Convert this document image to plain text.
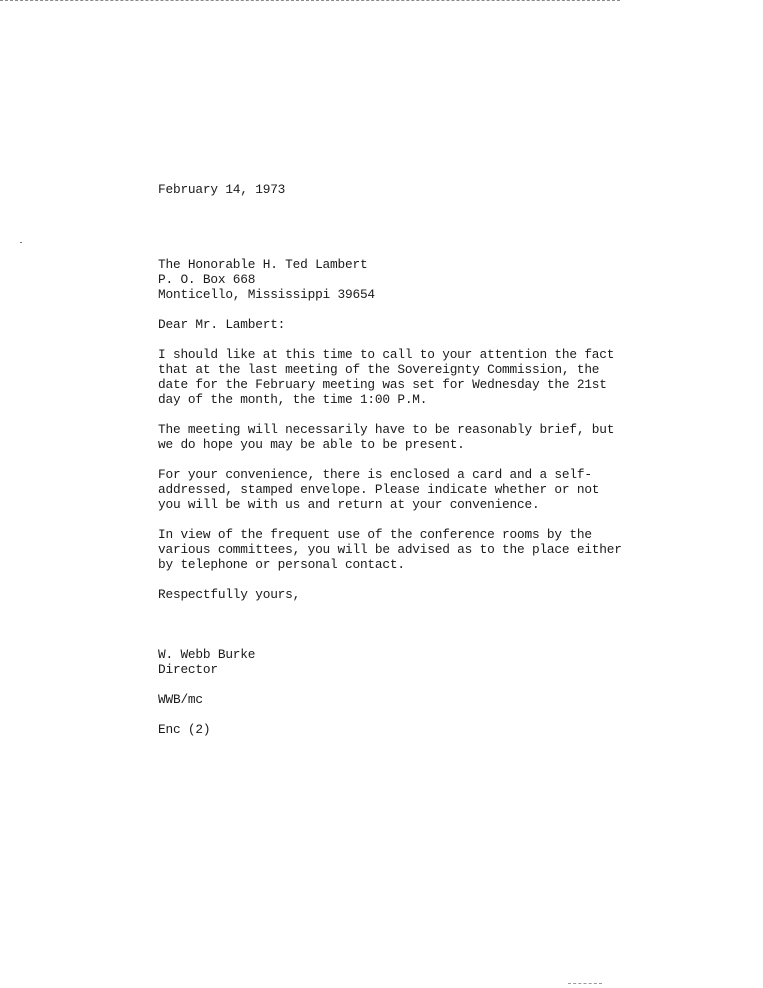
February 14, 1973
The Honorable H. Ted Lambert
P. O. Box 668
Monticello, Mississippi 39654
Dear Mr. Lambert:
I should like at this time to call to your attention the fact
that at the last meeting of the Sovereignty Commission, the
date for the February meeting was set for Wednesday the 21st
day of the month, the time 1:00 P.M.
The meeting will necessarily have to be reasonably brief, but
we do hope you may be able to be present.
For your convenience, there is enclosed a card and a self-
addressed, stamped envelope. Please indicate whether or not
you will be with us and return at your convenience.
In view of the frequent use of the conference rooms by the
various committees, you will be advised as to the place either
by telephone or personal contact.
Respectfully yours,
W. Webb Burke
Director
WWB/mc
Enc (2)
